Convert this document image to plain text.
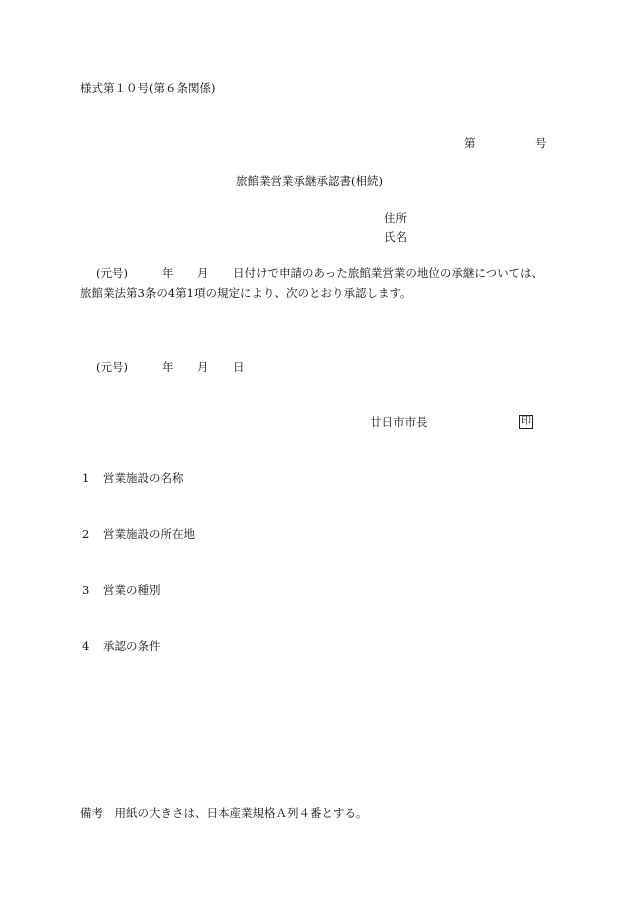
様式第１０号(第６条関係)
第	号
旅館業営業承継承認書(相続)
住所
氏名
(元号)	年 月 日付けで申請のあった旅館業営業の地位の承継については、
旅館業法第3条の4第1項の規定により、次のとおり承認します。
(元号)	年 月 日
廿日市市長	印
1 営業施設の名称
2 営業施設の所在地
3 営業の種別
4 承認の条件
備考　用紙の大きさは、日本産業規格Ａ列４番とする。
